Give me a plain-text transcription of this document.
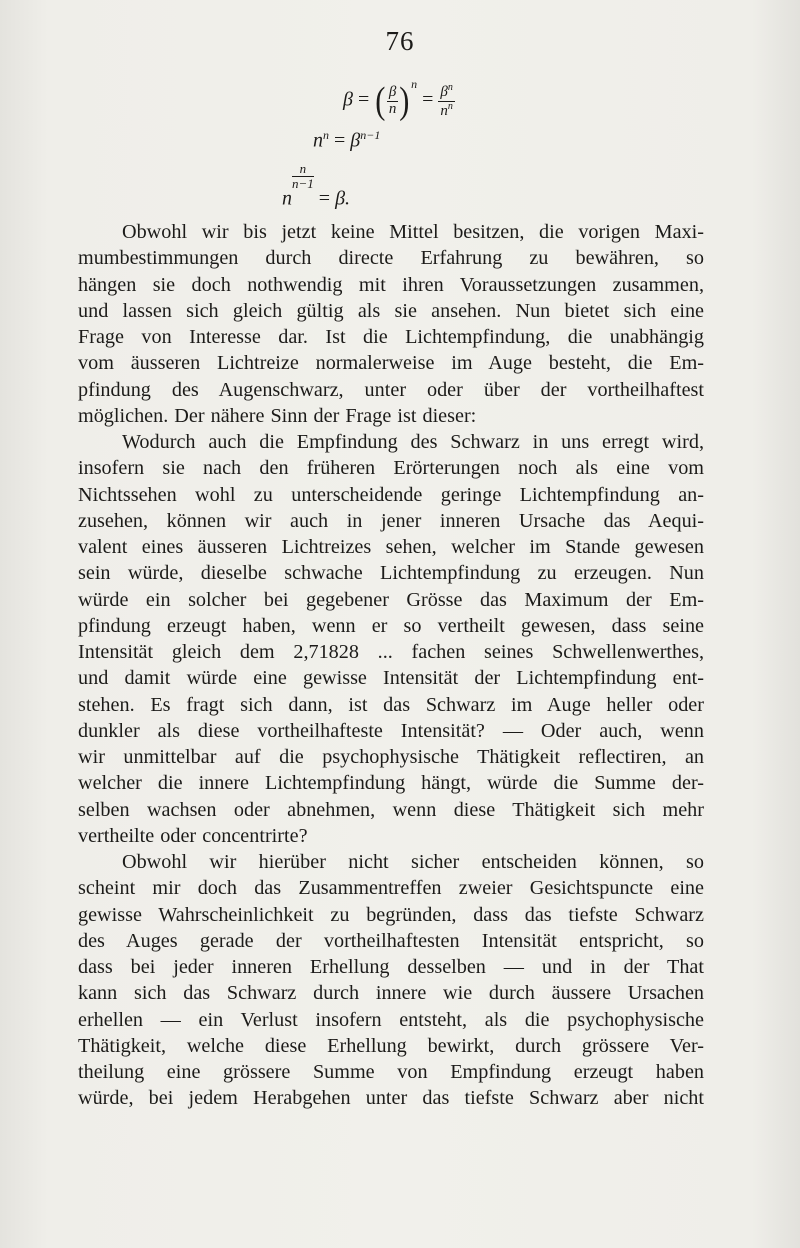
76
β = ( $\frac{\beta}{n} )^n = \frac{\beta^n}{n^n}$
$n^n = \beta^{n-1}$
n
$\frac{n}{n-1} = \beta$.
Obwohl wir bis jetzt keine Mittel besitzen, die vorigen Maxi-
mumbestimmungen durch directe Erfahrung zu bewähren, so
hängen sie doch nothwendig mit ihren Voraussetzungen zusammen,
und lassen sich gleich gültig als sie ansehen. Nun bietet sich eine
Frage von Interesse dar. Ist die Lichtempfindung, die unabhängig
vom äusseren Lichtreize normalerweise im Auge besteht, die Em-
pfindung des Augenschwarz, unter oder über der vortheilhaftest
möglichen. Der nähere Sinn der Frage ist dieser:
Wodurch auch die Empfindung des Schwarz in uns erregt wird,
insofern sie nach den früheren Erörterungen noch als eine vom
Nichtssehen wohl zu unterscheidende geringe Lichtempfindung an-
zusehen, können wir auch in jener inneren Ursache das Aequi-
valent eines äusseren Lichtreizes sehen, welcher im Stande gewesen
sein würde, dieselbe schwache Lichtempfindung zu erzeugen. Nun
würde ein solcher bei gegebener Grösse das Maximum der Em-
pfindung erzeugt haben, wenn er so vertheilt gewesen, dass seine
Intensität gleich dem 2,71828 ... fachen seines Schwellenwerthes,
und damit würde eine gewisse Intensität der Lichtempfindung ent-
stehen. Es fragt sich dann, ist das Schwarz im Auge heller oder
dunkler als diese vortheilhafteste Intensität? — Oder auch, wenn
wir unmittelbar auf die psychophysische Thätigkeit reflectiren, an
welcher die innere Lichtempfindung hängt, würde die Summe der-
selben wachsen oder abnehmen, wenn diese Thätigkeit sich mehr
vertheilte oder concentrirte?
Obwohl wir hierüber nicht sicher entscheiden können, so
scheint mir doch das Zusammentreffen zweier Gesichtspuncte eine
gewisse Wahrscheinlichkeit zu begründen, dass das tiefste Schwarz
des Auges gerade der vortheilhaftesten Intensität entspricht, so
dass bei jeder inneren Erhellung desselben — und in der That
kann sich das Schwarz durch innere wie durch äussere Ursachen
erhellen — ein Verlust insofern entsteht, als die psychophysische
Thätigkeit, welche diese Erhellung bewirkt, durch grössere Ver-
theilung eine grössere Summe von Empfindung erzeugt haben
würde, bei jedem Herabgehen unter das tiefste Schwarz aber nicht
